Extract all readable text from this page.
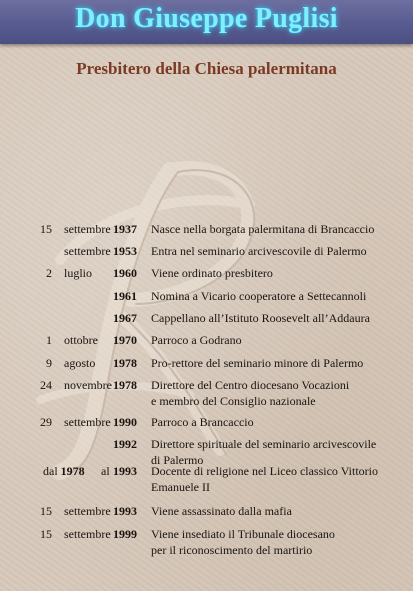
Don Giuseppe Puglisi
Presbitero della Chiesa palermitana
15 settembre 1937 Nasce nella borgata palermitana di Brancaccio
settembre 1953 Entra nel seminario arcivescovile di Palermo
2 luglio 1960 Viene ordinato presbitero
1961 Nomina a Vicario cooperatore a Settecannoli
1967 Cappellano all’Istituto Roosevelt all’Addaura
1 ottobre 1970 Parroco a Godrano
9 agosto 1978 Pro-rettore del seminario minore di Palermo
24 novembre 1978 Direttore del Centro diocesano Vocazioni
e membro del Consiglio nazionale
29 settembre 1990 Parroco a Brancaccio
1992 Direttore spirituale del seminario arcivescovile
di Palermo
dal 1978 al 1993 Docente di religione nel Liceo classico Vittorio
Emanuele II
15 settembre 1993 Viene assassinato dalla mafia
15 settembre 1999 Viene insediato il Tribunale diocesano
per il riconoscimento del martirio
